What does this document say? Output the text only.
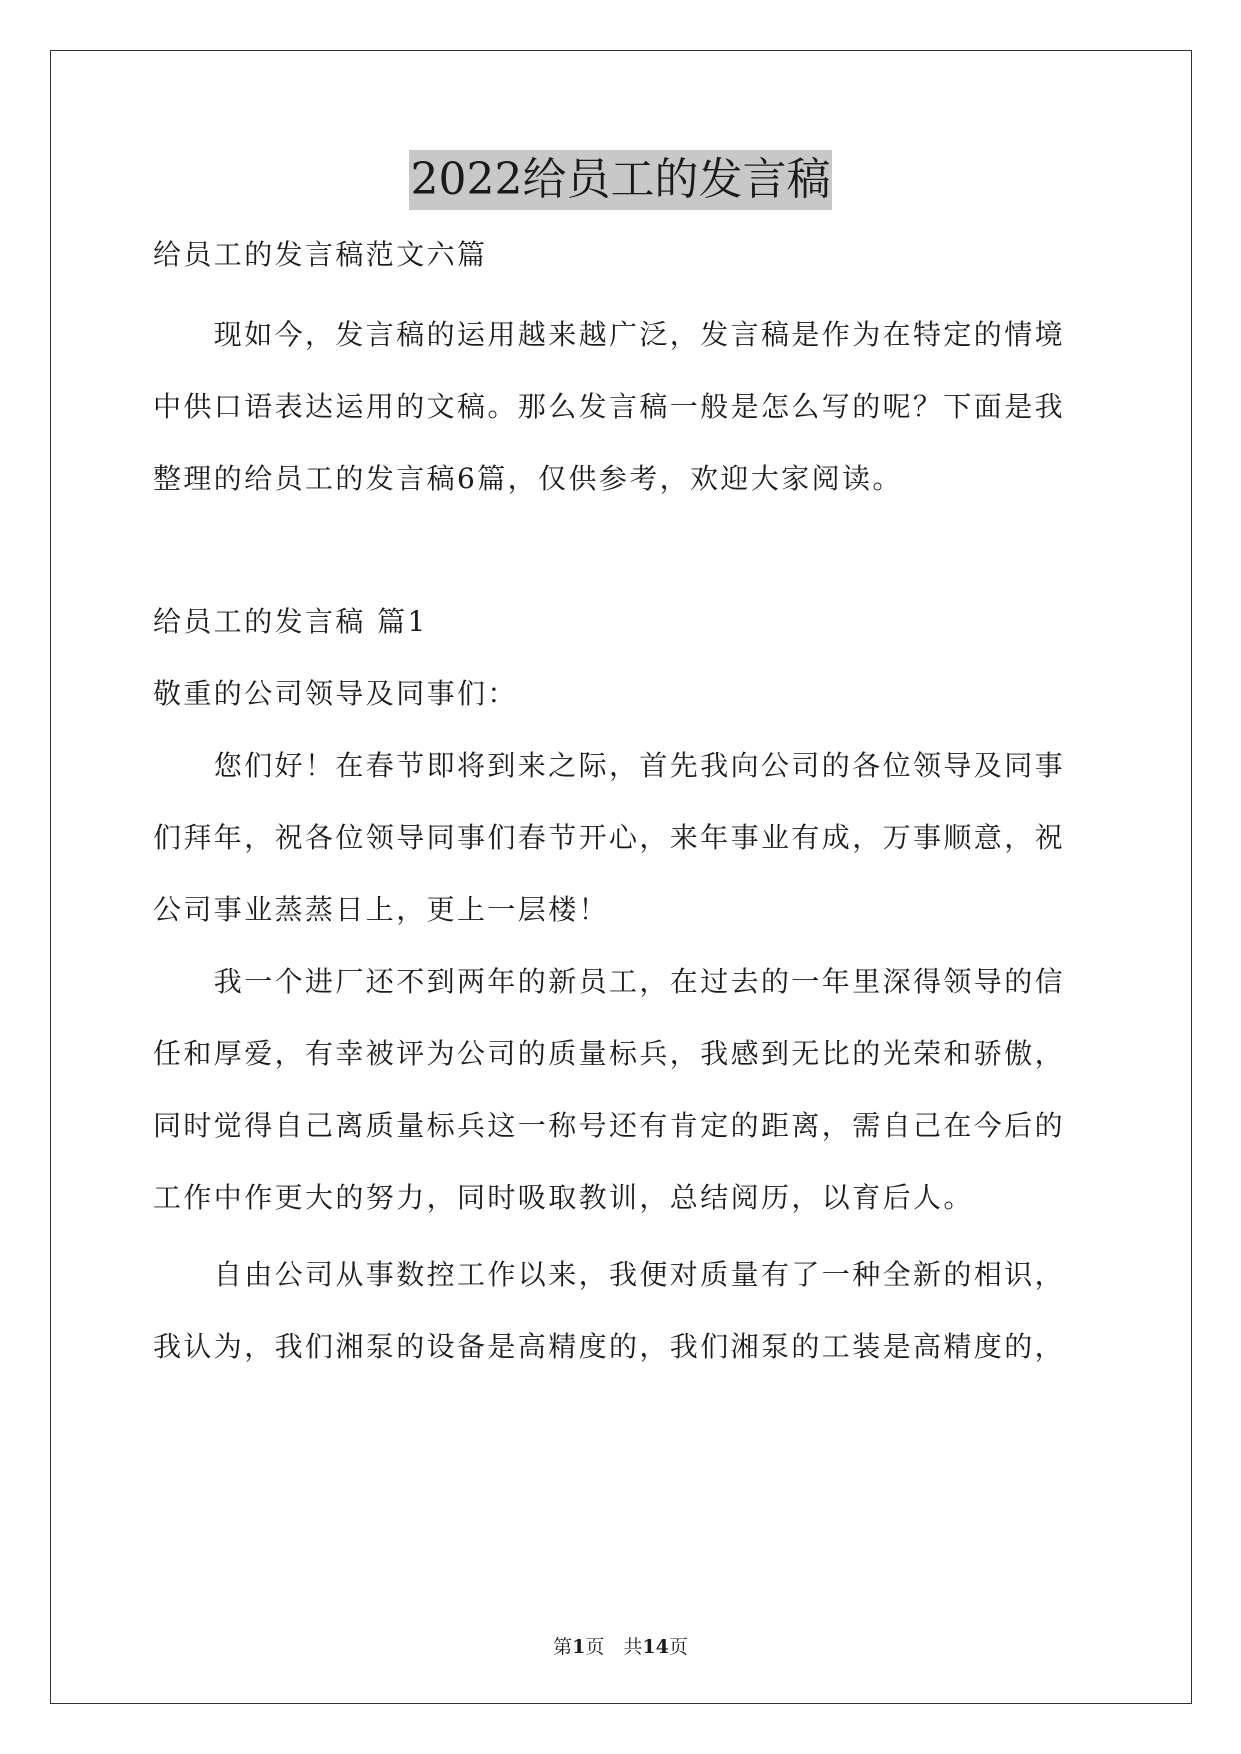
2022给员工的发言稿
给员工的发言稿范文六篇
　　现如今，发言稿的运用越来越广泛，发言稿是作为在特定的情境
中供口语表达运用的文稿。那么发言稿一般是怎么写的呢？下面是我
整理的给员工的发言稿6篇，仅供参考，欢迎大家阅读。
给员工的发言稿 篇1
敬重的公司领导及同事们：
　　您们好！在春节即将到来之际，首先我向公司的各位领导及同事
们拜年，祝各位领导同事们春节开心，来年事业有成，万事顺意，祝
公司事业蒸蒸日上，更上一层楼！
　　我一个进厂还不到两年的新员工，在过去的一年里深得领导的信
任和厚爱，有幸被评为公司的质量标兵，我感到无比的光荣和骄傲，
同时觉得自己离质量标兵这一称号还有肯定的距离，需自己在今后的
工作中作更大的努力，同时吸取教训，总结阅历，以育后人。
　　自由公司从事数控工作以来，我便对质量有了一种全新的相识，
我认为，我们湘泵的设备是高精度的，我们湘泵的工装是高精度的，
第1页　共14页
